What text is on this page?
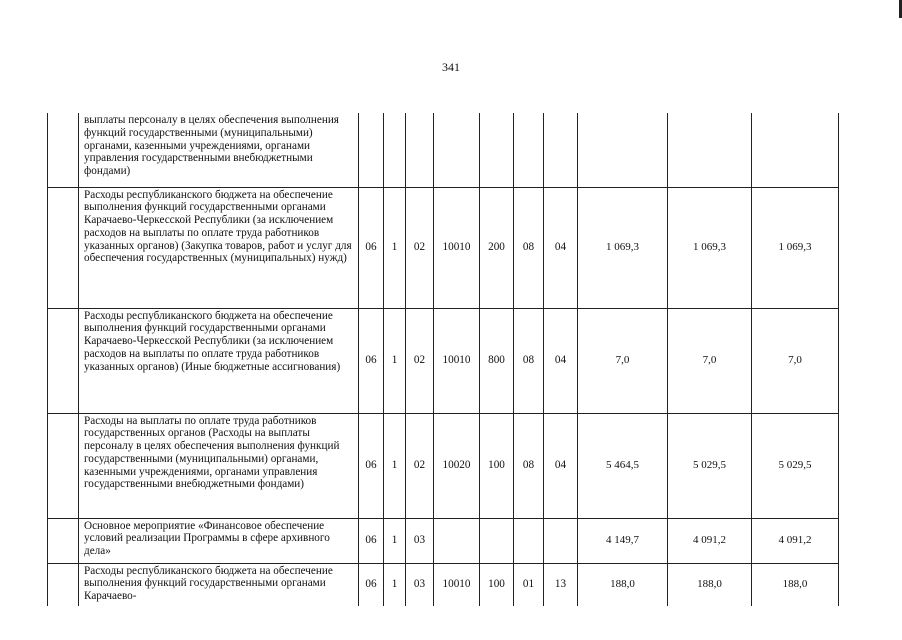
341
	выплаты персоналу в целях обеспечения выполнения функций государственными (муниципальными) органами, казенными учреждениями, органами управления государственными внебюджетными фондами)										
	Расходы республиканского бюджета на обеспечение выполнения функций государственными органами Карачаево-Черкесской Республики (за исключением расходов на выплаты по оплате труда работников указанных органов) (Закупка товаров, работ и услуг для обеспечения государственных (муниципальных) нужд)	06	1	02	10010	200	08	04	1 069,3	1 069,3	1 069,3
	Расходы республиканского бюджета на обеспечение выполнения функций государственными органами Карачаево-Черкесской Республики (за исключением расходов на выплаты по оплате труда работников указанных органов) (Иные бюджетные ассигнования)	06	1	02	10010	800	08	04	7,0	7,0	7,0
	Расходы на выплаты по оплате труда работников государственных органов (Расходы на выплаты персоналу в целях обеспечения выполнения функций государственными (муниципальными) органами, казенными учреждениями, органами управления государственными внебюджетными фондами)	06	1	02	10020	100	08	04	5 464,5	5 029,5	5 029,5
	Основное мероприятие «Финансовое обеспечение условий реализации Программы в сфере архивного дела»	06	1	03					4 149,7	4 091,2	4 091,2
	Расходы республиканского бюджета на обеспечение выполнения функций государственными органами Карачаево-	06	1	03	10010	100	01	13	188,0	188,0	188,0
